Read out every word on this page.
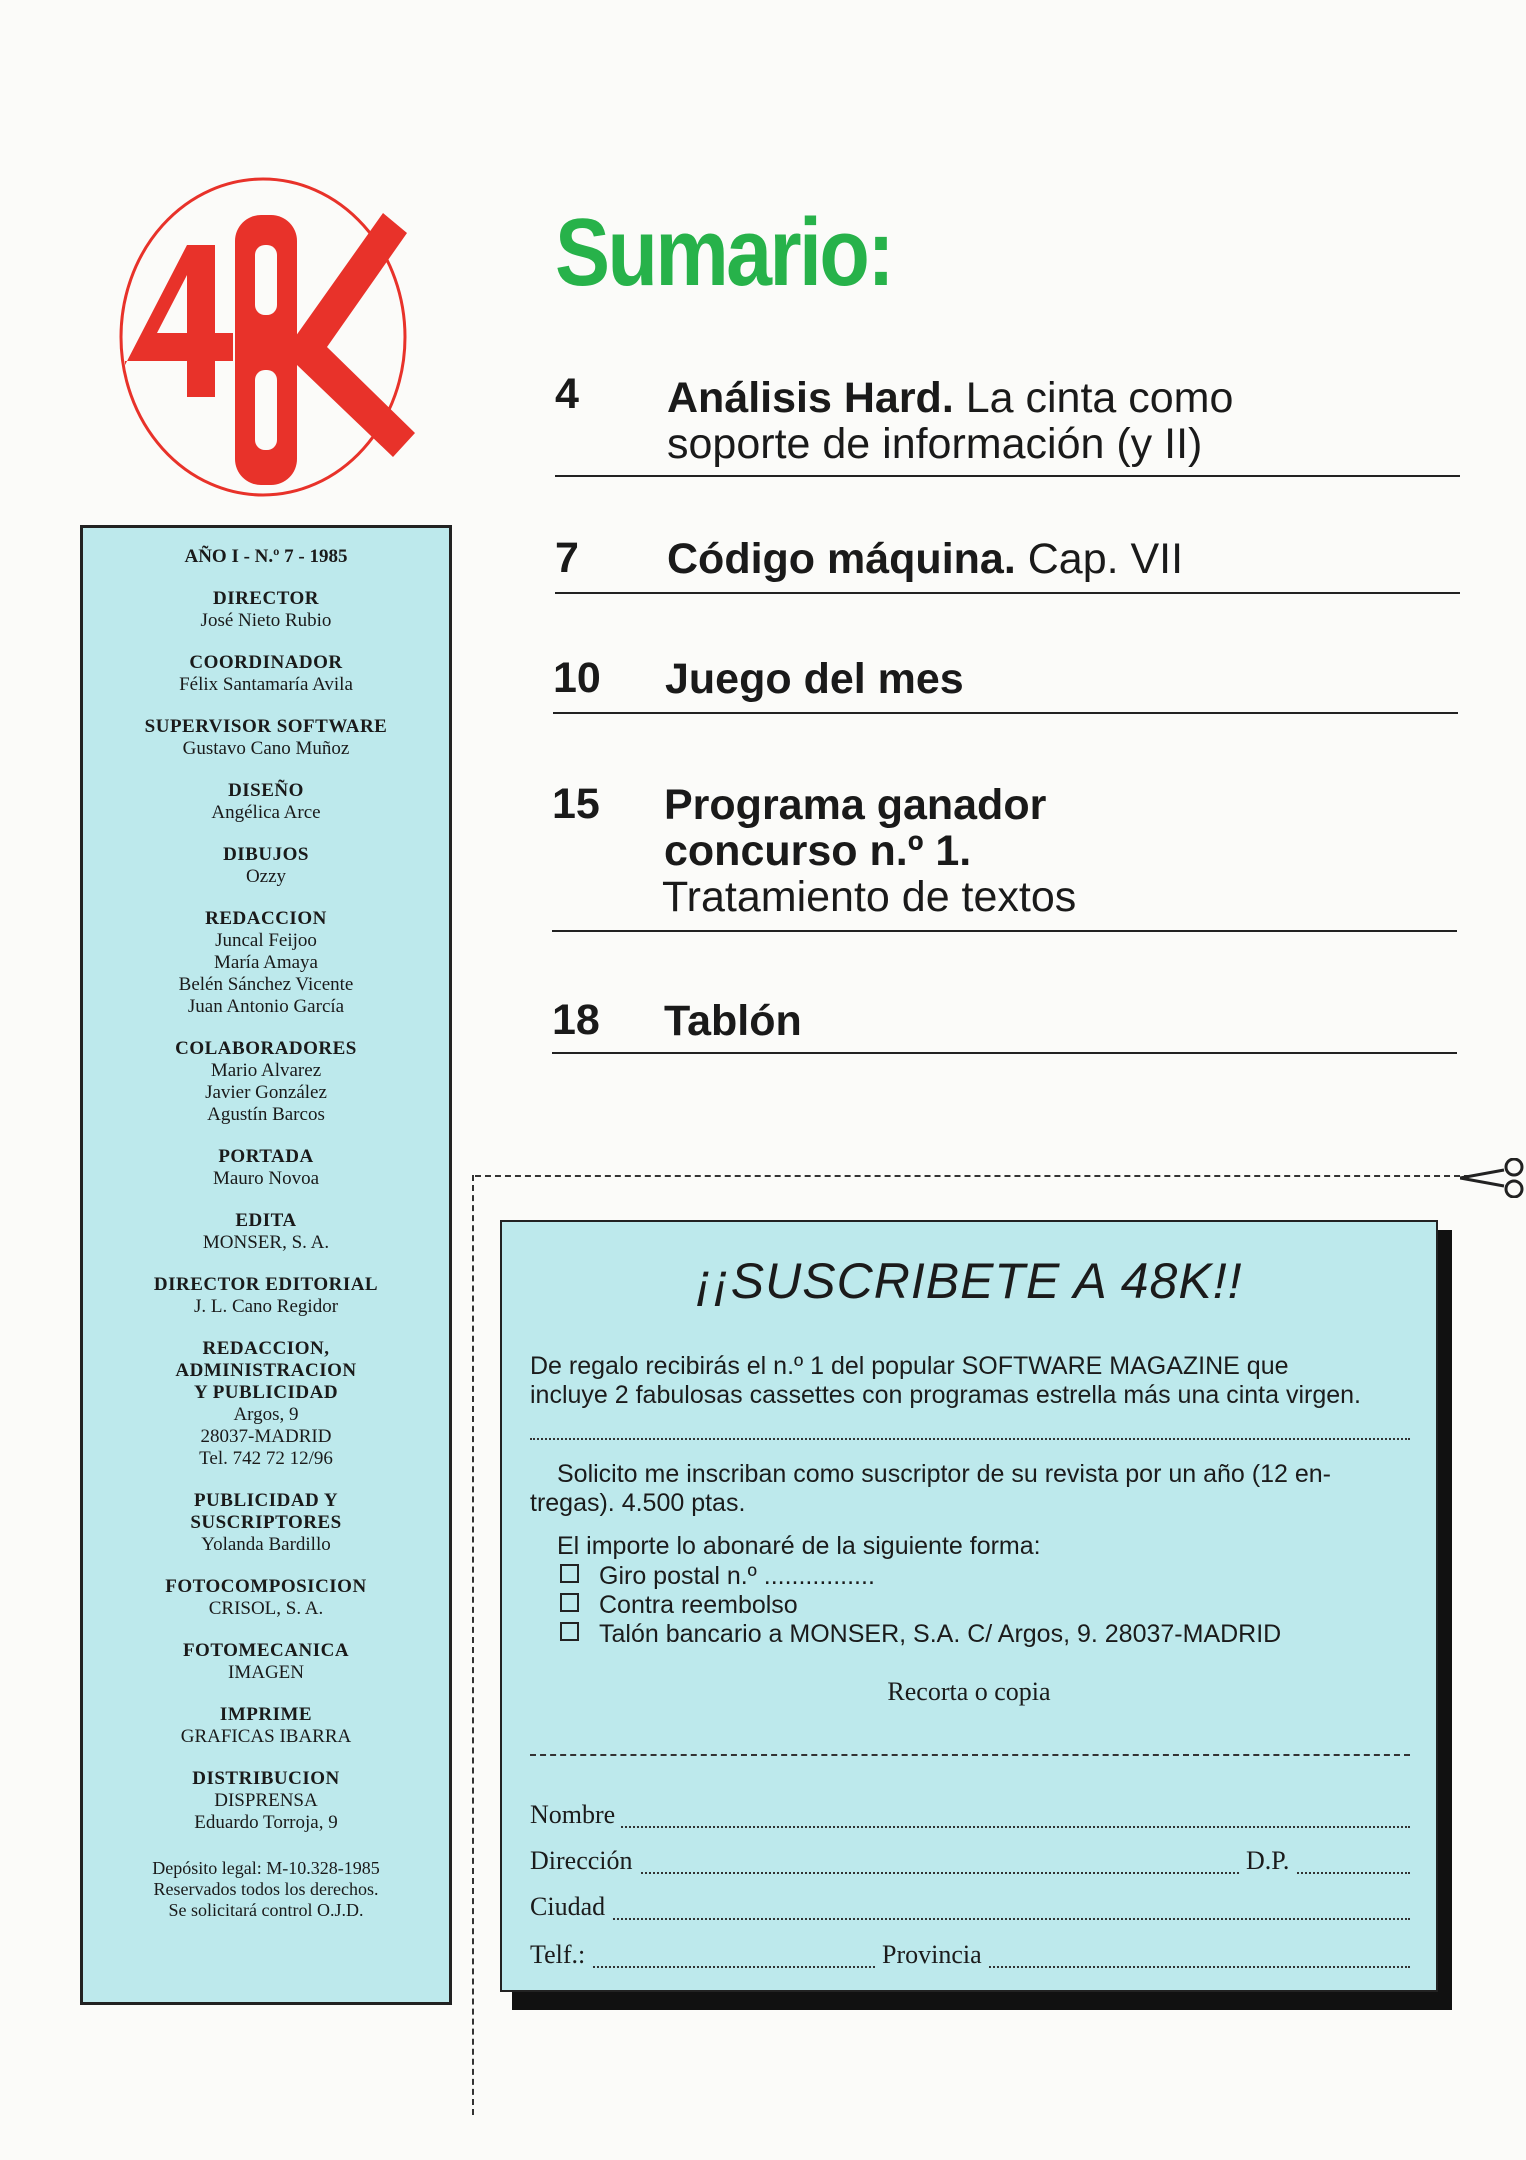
AÑO I - N.º 7 - 1985
DIRECTOR
José Nieto Rubio
COORDINADOR
Félix Santamaría Avila
SUPERVISOR SOFTWARE
Gustavo Cano Muñoz
DISEÑO
Angélica Arce
DIBUJOS
Ozzy
REDACCION
Juncal Feijoo
María Amaya
Belén Sánchez Vicente
Juan Antonio García
COLABORADORES
Mario Alvarez
Javier González
Agustín Barcos
PORTADA
Mauro Novoa
EDITA
MONSER, S. A.
DIRECTOR EDITORIAL
J. L. Cano Regidor
REDACCION,
ADMINISTRACION
Y PUBLICIDAD
Argos, 9
28037-MADRID
Tel. 742 72 12/96
PUBLICIDAD Y
SUSCRIPTORES
Yolanda Bardillo
FOTOCOMPOSICION
CRISOL, S. A.
FOTOMECANICA
IMAGEN
IMPRIME
GRAFICAS IBARRA
DISTRIBUCION
DISPRENSA
Eduardo Torroja, 9
Depósito legal: M-10.328-1985
Reservados todos los derechos.
Se solicitará control O.J.D.
Sumario:
4 Análisis Hard. La cinta como
soporte de información (y II)
7 Código máquina. Cap. VII
10 Juego del mes
15 Programa ganador
concurso n.º 1.
Tratamiento de textos
18 Tablón
¡¡SUSCRIBETE A 48K!!
De regalo recibirás el n.º 1 del popular SOFTWARE MAGAZINE que
incluye 2 fabulosas cassettes con programas estrella más una cinta virgen.
Solicito me inscriban como suscriptor de su revista por un año (12 en-
tregas). 4.500 ptas.
El importe lo abonaré de la siguiente forma:
Giro postal n.º ................
Contra reembolso
Talón bancario a MONSER, S.A. C/ Argos, 9. 28037-MADRID
Recorta o copia
Nombre
Dirección	D.P.
Ciudad
Telf.:	Provincia
